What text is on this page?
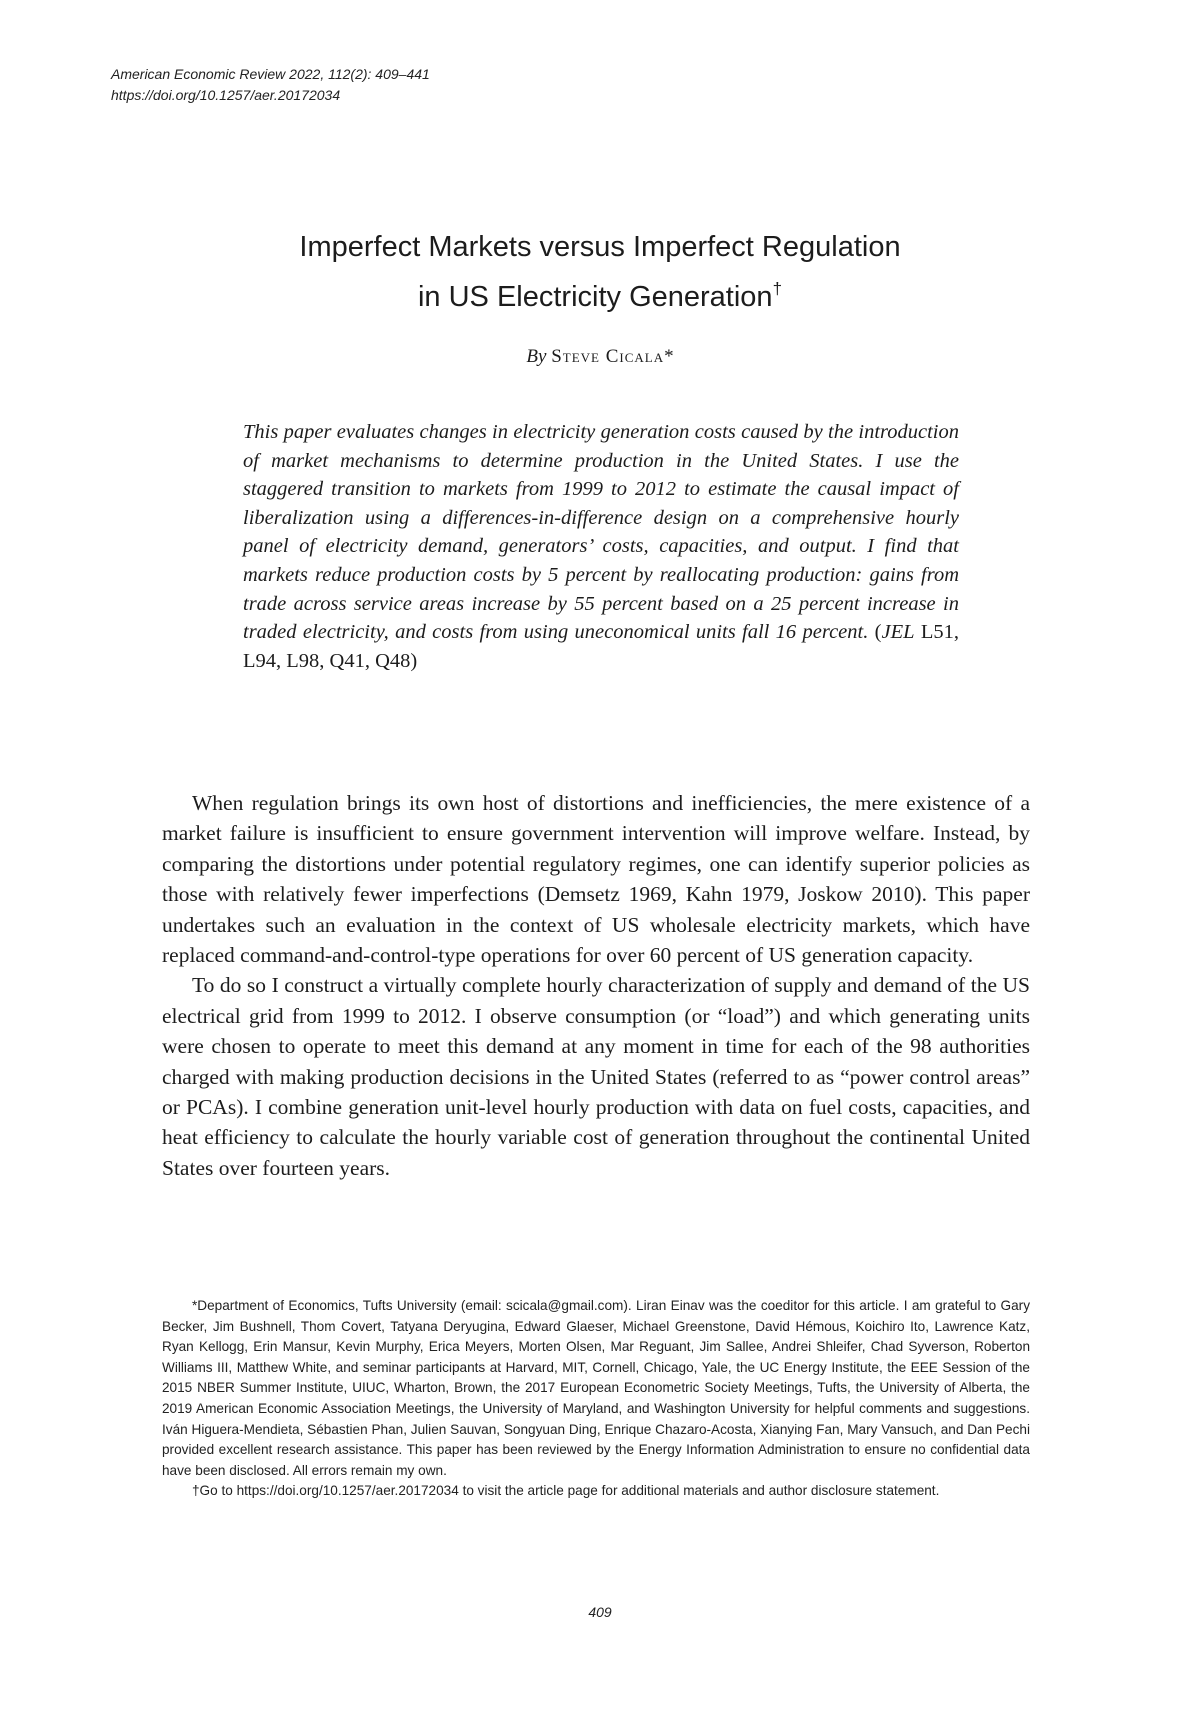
American Economic Review 2022, 112(2): 409–441
https://doi.org/10.1257/aer.20172034
Imperfect Markets versus Imperfect Regulation
in US Electricity Generation†
By Steve Cicala*
This paper evaluates changes in electricity generation costs caused by the introduction of market mechanisms to determine production in the United States. I use the staggered transition to markets from 1999 to 2012 to estimate the causal impact of liberalization using a differences-in-difference design on a comprehensive hourly panel of electricity demand, generators’ costs, capacities, and output. I find that markets reduce production costs by 5 percent by reallocating production: gains from trade across service areas increase by 55 percent based on a 25 percent increase in traded electricity, and costs from using uneconomical units fall 16 percent. (JEL L51, L94, L98, Q41, Q48)

When regulation brings its own host of distortions and inefficiencies, the mere existence of a market failure is insufficient to ensure government intervention will improve welfare. Instead, by comparing the distortions under potential regulatory regimes, one can identify superior policies as those with relatively fewer imperfections (Demsetz 1969, Kahn 1979, Joskow 2010). This paper undertakes such an evaluation in the context of US wholesale electricity markets, which have replaced command-and-control-type operations for over 60 percent of US generation capacity.

To do so I construct a virtually complete hourly characterization of supply and demand of the US electrical grid from 1999 to 2012. I observe consumption (or “load”) and which generating units were chosen to operate to meet this demand at any moment in time for each of the 98 authorities charged with making production decisions in the United States (referred to as “power control areas” or PCAs). I combine generation unit-level hourly production with data on fuel costs, capacities, and heat efficiency to calculate the hourly variable cost of generation throughout the continental United States over fourteen years.

*Department of Economics, Tufts University (email: scicala@gmail.com). Liran Einav was the coeditor for this article. I am grateful to Gary Becker, Jim Bushnell, Thom Covert, Tatyana Deryugina, Edward Glaeser, Michael Greenstone, David Hémous, Koichiro Ito, Lawrence Katz, Ryan Kellogg, Erin Mansur, Kevin Murphy, Erica Meyers, Morten Olsen, Mar Reguant, Jim Sallee, Andrei Shleifer, Chad Syverson, Roberton Williams III, Matthew White, and seminar participants at Harvard, MIT, Cornell, Chicago, Yale, the UC Energy Institute, the EEE Session of the 2015 NBER Summer Institute, UIUC, Wharton, Brown, the 2017 European Econometric Society Meetings, Tufts, the University of Alberta, the 2019 American Economic Association Meetings, the University of Maryland, and Washington University for helpful comments and suggestions. Iván Higuera-Mendieta, Sébastien Phan, Julien Sauvan, Songyuan Ding, Enrique Chazaro-Acosta, Xianying Fan, Mary Vansuch, and Dan Pechi provided excellent research assistance. This paper has been reviewed by the Energy Information Administration to ensure no confidential data have been disclosed. All errors remain my own.

†Go to https://doi.org/10.1257/aer.20172034 to visit the article page for additional materials and author disclosure statement.

409
